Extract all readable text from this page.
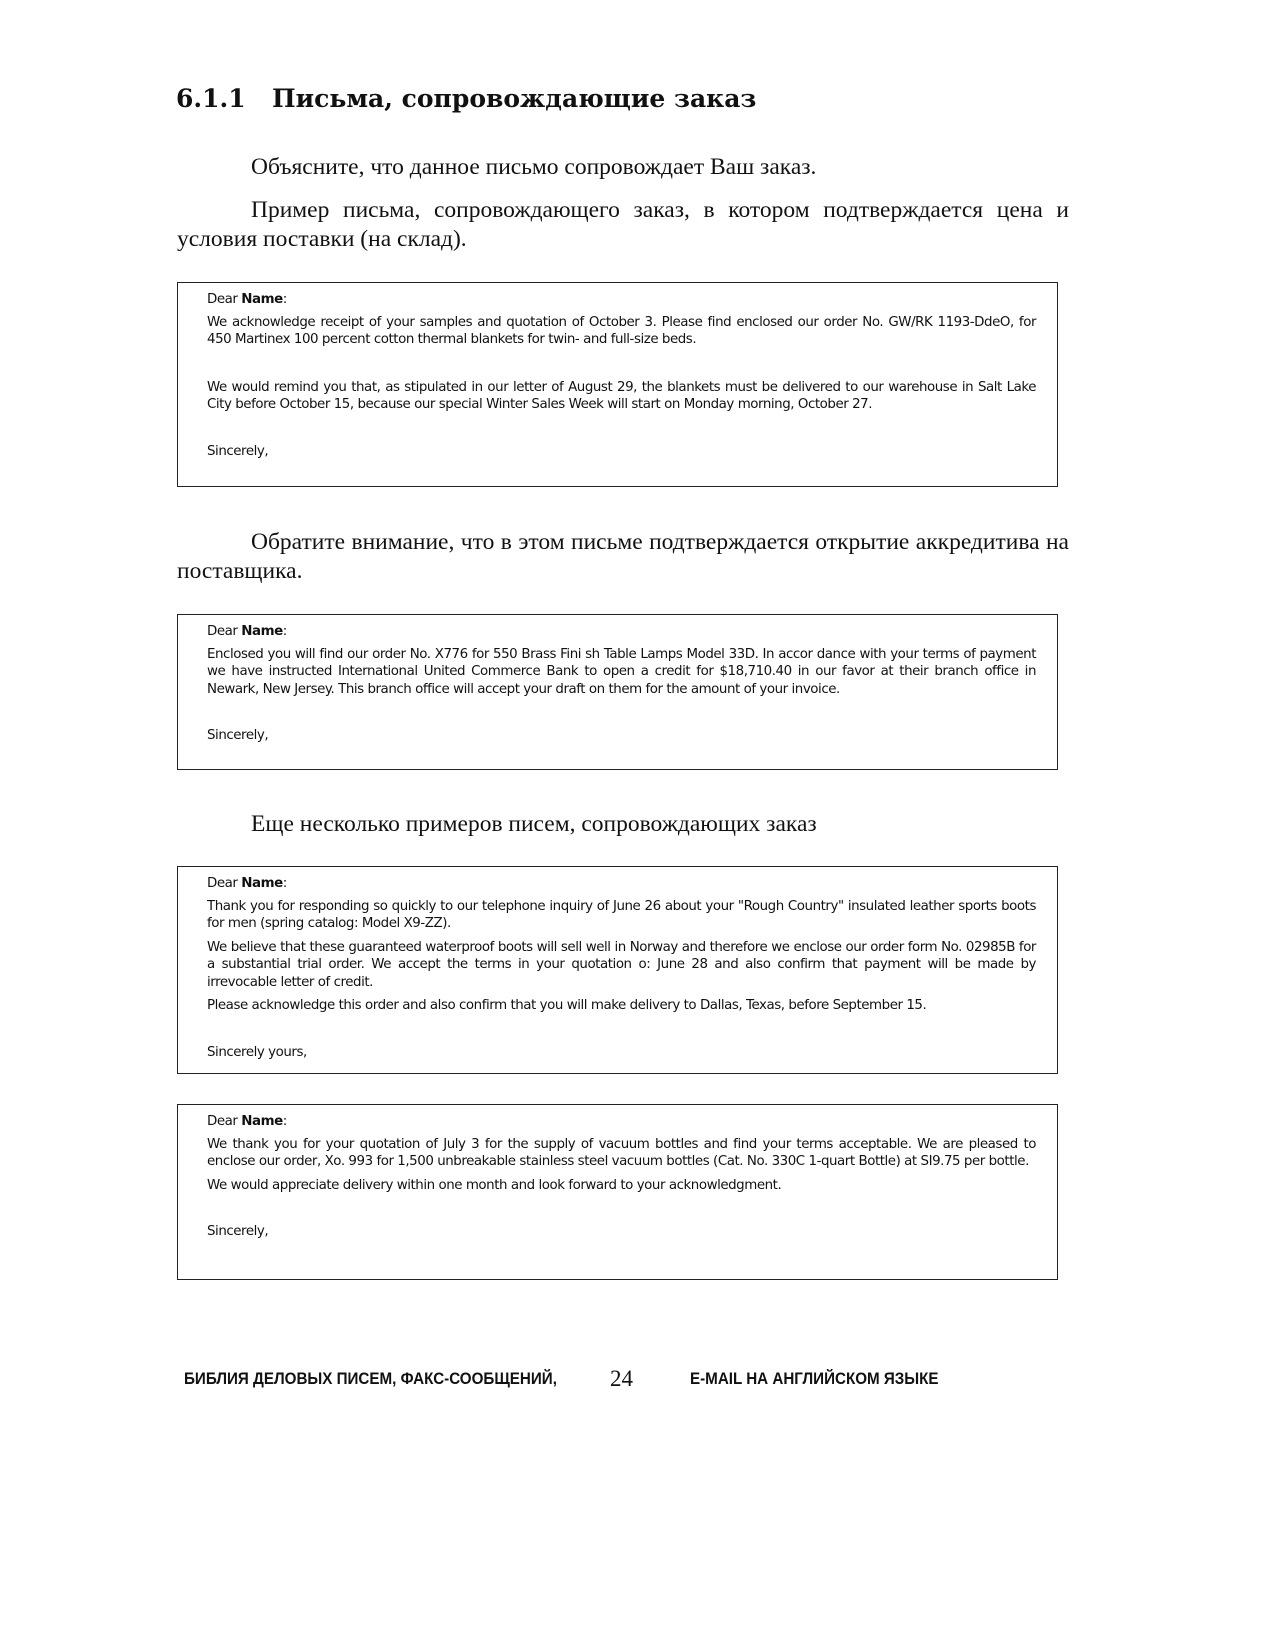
6.1.1 Письма, сопровождающие заказ

Объясните, что данное письмо сопровождает Ваш заказ.

Пример письма, сопровождающего заказ, в котором подтверждается цена и условия поставки (на склад).

Dear Name:

We acknowledge receipt of your samples and quotation of October 3. Please find enclosed our order No. GW/RK 1193-DdeO, for 450 Martinex 100 percent cotton thermal blankets for twin- and full-size beds.

We would remind you that, as stipulated in our letter of August 29, the blankets must be delivered to our warehouse in Salt Lake City before October 15, because our special Winter Sales Week will start on Monday morning, October 27.

Sincerely,

Обратите внимание, что в этом письме подтверждается открытие аккредитива на поставщика.

Dear Name:

Enclosed you will find our order No. X776 for 550 Brass Fini sh Table Lamps Model 33D. In accor dance with your terms of payment we have instructed International United Commerce Bank to open a credit for $18,710.40 in our favor at their branch office in Newark, New Jersey. This branch office will accept your draft on them for the amount of your invoice.

Sincerely,

Еще несколько примеров писем, сопровождающих заказ

Dear Name:

Thank you for responding so quickly to our telephone inquiry of June 26 about your "Rough Country" insulated leather sports boots for men (spring catalog: Model X9-ZZ).

We believe that these guaranteed waterproof boots will sell well in Norway and therefore we enclose our order form No. 02985B for a substantial trial order. We accept the terms in your quotation o: June 28 and also confirm that payment will be made by irrevocable letter of credit.

Please acknowledge this order and also confirm that you will make delivery to Dallas, Texas, before September 15.

Sincerely yours,

Dear Name:

We thank you for your quotation of July 3 for the supply of vacuum bottles and find your terms acceptable. We are pleased to enclose our order, Xo. 993 for 1,500 unbreakable stainless steel vacuum bottles (Cat. No. 330C 1-quart Bottle) at SI9.75 per bottle.

We would appreciate delivery within one month and look forward to your acknowledgment.

Sincerely,

БИБЛИЯ ДЕЛОВЫХ ПИСЕМ, ФАКС-СООБЩЕНИЙ, 24	E-MAIL НА АНГЛИЙСКОМ ЯЗЫКЕ
